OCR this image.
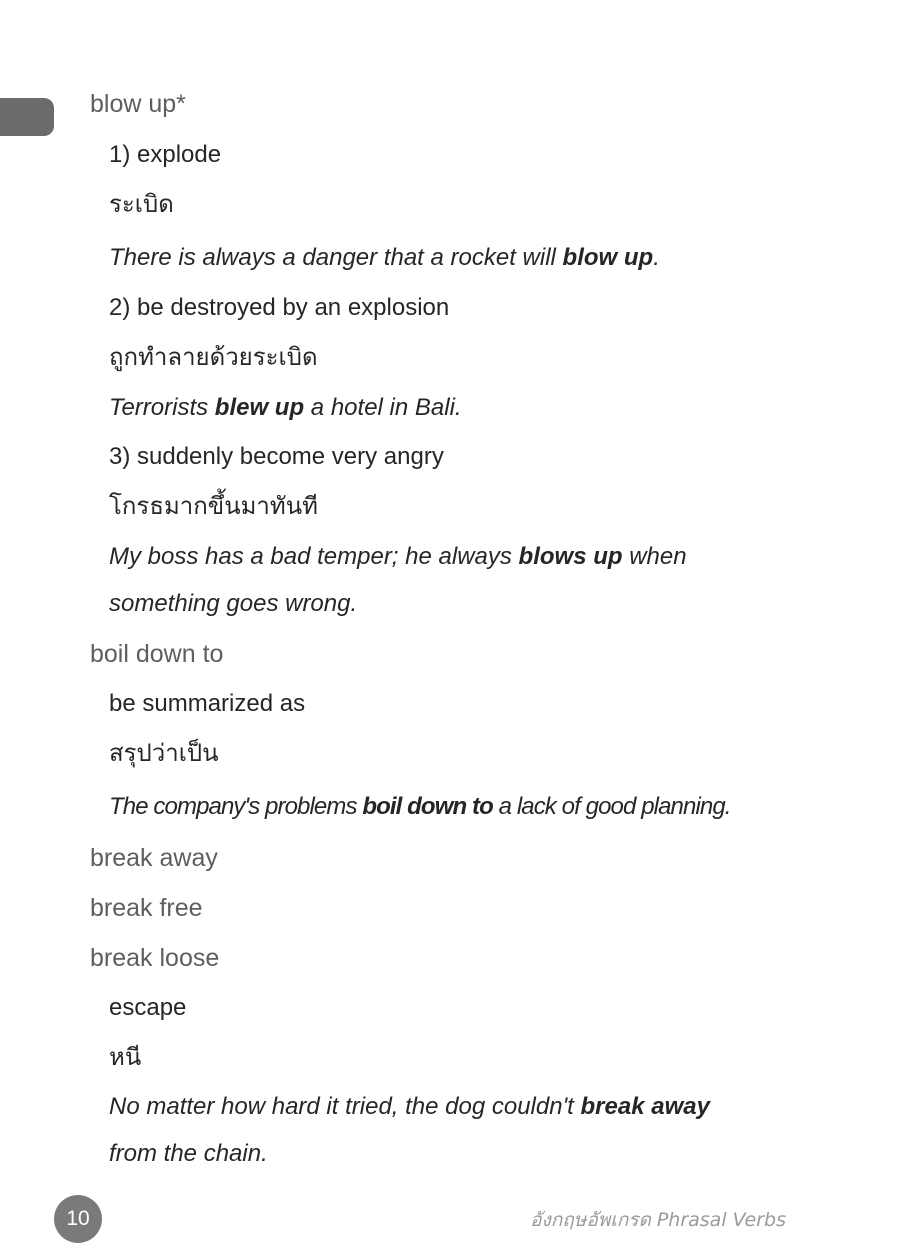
blow up*
1) explode
ระเบิด
There is always a danger that a rocket will blow up.
2) be destroyed by an explosion
ถูกทำลายด้วยระเบิด
Terrorists blew up a hotel in Bali.
3) suddenly become very angry
โกรธมากขึ้นมาทันที
My boss has a bad temper; he always blows up when
something goes wrong.
boil down to
be summarized as
สรุปว่าเป็น
The company's problems boil down to a lack of good planning.
break away
break free
break loose
escape
หนี
No matter how hard it tried, the dog couldn't break away
from the chain.
10	อังกฤษอัพเกรด Phrasal Verbs
